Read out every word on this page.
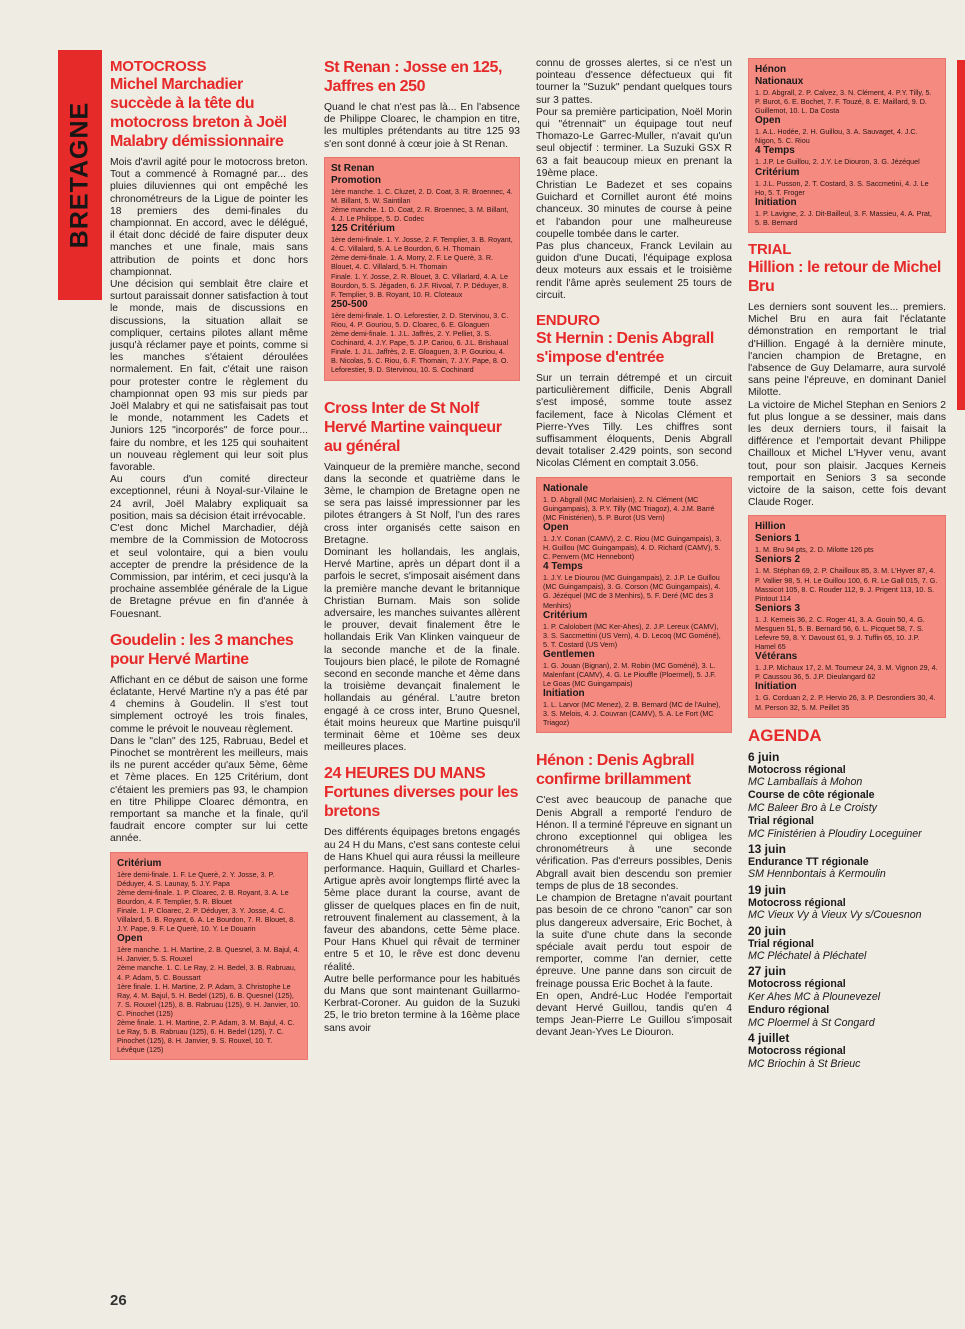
BRETAGNE
MOTOCROSS
Michel Marchadier succède à la tête du motocross breton à Joël Malabry démissionnaire

Mois d'avril agité pour le motocross breton. Tout a commencé à Romagné par... des pluies diluviennes qui ont empêché les chronométreurs de la Ligue de pointer les 18 premiers des demi-finales du championnat. En accord, avec le délégué, il était donc décidé de faire disputer deux manches et une finale, mais sans attribution de points et donc hors championnat.

Une décision qui semblait être claire et surtout paraissait donner satisfaction à tout le monde, mais de discussions en discussions, la situation allait se compliquer, certains pilotes allant même jusqu'à réclamer paye et points, comme si les manches s'étaient déroulées normalement. En fait, c'était une raison pour protester contre le règlement du championnat open 93 mis sur pieds par Joël Malabry et qui ne satisfaisait pas tout le monde, notamment les Cadets et Juniors 125 "incorporés" de force pour... faire du nombre, et les 125 qui souhaitent un nouveau règlement qui leur soit plus favorable.

Au cours d'un comité directeur exceptionnel, réuni à Noyal-sur-Vilaine le 24 avril, Joël Malabry expliquait sa position, mais sa décision était irrévocable.

C'est donc Michel Marchadier, déjà membre de la Commission de Motocross et seul volontaire, qui a bien voulu accepter de prendre la présidence de la Commission, par intérim, et ceci jusqu'à la prochaine assemblée générale de la Ligue de Bretagne prévue en fin d'année à Fouesnant.

Goudelin : les 3 manches pour Hervé Martine

Affichant en ce début de saison une forme éclatante, Hervé Martine n'y a pas été par 4 chemins à Goudelin. Il s'est tout simplement octroyé les trois finales, comme le prévoit le nouveau règlement.

Dans le "clan" des 125, Rabruau, Bedel et Pinochet se montrèrent les meilleurs, mais ils ne purent accéder qu'aux 5ème, 6ème et 7ème places. En 125 Critérium, dont c'étaient les premiers pas 93, le champion en titre Philippe Cloarec démontra, en remportant sa manche et la finale, qu'il faudrait encore compter sur lui cette année.

Critérium
1ère demi-finale. 1. F. Le Querè, 2. Y. Josse, 3. P. Déduyer, 4. S. Launay, 5. J.Y. Papa
2ème demi-finale. 1. P. Cloarec, 2. B. Royant, 3. A. Le Bourdon, 4. F. Templier, 5. R. Blouet
Finale. 1. P. Cloarec, 2. P. Déduyer, 3. Y. Josse, 4. C. Villalard, 5. B. Royant, 6. A. Le Bourdon, 7. R. Blouet, 8. J.Y. Pape, 9. F. Le Querè, 10. Y. Le Douarin
Open
1ère manche. 1. H. Martine, 2. B. Quesnel, 3. M. Bajul, 4. H. Janvier, 5. S. Rouxel
2ème manche. 1. C. Le Ray, 2. H. Bedel, 3. B. Rabruau, 4. P. Adam, 5. C. Boussart
1ère finale. 1. H. Martine, 2. P. Adam, 3. Christophe Le Ray, 4. M. Bajul, 5. H. Bedel (125), 6. B. Quesnel (125), 7. S. Rouxel (125), 8. B. Rabruau (125), 9. H. Janvier, 10. C. Pinochet (125)
2ème finale. 1. H. Martine, 2. P. Adam, 3. M. Bajul, 4. C. Le Ray, 5. B. Rabruau (125), 6. H. Bedel (125), 7. C. Pinochet (125), 8. H. Janvier, 9. S. Rouxel, 10. T. Lévêque (125)
St Renan : Josse en 125, Jaffres en 250

Quand le chat n'est pas là... En l'absence de Philippe Cloarec, le champion en titre, les multiples prétendants au titre 125 93 s'en sont donné à cœur joie à St Renan.

St Renan
Promotion
1ère manche. 1. C. Cluzet, 2. D. Coat, 3. R. Broennec, 4. M. Billant, 5. W. Saintilan
2ème manche. 1. D. Coat, 2. R. Broennec, 3. M. Billant, 4. J. Le Philippe, 5. D. Codec
125 Critérium
1ère demi-finale. 1. Y. Josse, 2. F. Templier, 3. B. Royant, 4. C. Villalard, 5. A. Le Bourdon, 6. H. Thomain
2ème demi-finale. 1. A. Morry, 2. F. Le Querè, 3. R. Blouet, 4. C. Villalard, 5. H. Thomain
Finale. 1. Y. Josse, 2. R. Blouet, 3. C. Villarlard, 4. A. Le Bourdon, 5. S. Jégaden, 6. J.F. Rivoal, 7. P. Déduyer, 8. F. Templier, 9. B. Royant, 10. R. Cloteaux
250-500
1ère demi-finale. 1. O. Leforestier, 2. D. Stervinou, 3. C. Riou, 4. P. Gouriou, 5. D. Cloarec, 6. E. Gloaguen
2ème demi-finale. 1. J.L. Jaffrès, 2. Y. Pelliet, 3. S. Cochinard, 4. J.Y. Pape, 5. J.P. Cariou, 6. J.L. Brishaual
Finale. 1. J.L. Jaffrès, 2. E. Gloaguen, 3. P. Gouriou, 4. B. Nicolas, 5. C. Riou, 6. F. Thomain, 7. J.Y. Pape, 8. O. Leforestier, 9. D. Stervinou, 10. S. Cochinard
Cross Inter de St Nolf Hervé Martine vainqueur au général

Vainqueur de la première manche, second dans la seconde et quatrième dans le 3ème, le champion de Bretagne open ne se sera pas laissé impressionner par les pilotes étrangers à St Nolf, l'un des rares cross inter organisés cette saison en Bretagne.

Dominant les hollandais, les anglais, Hervé Martine, après un départ dont il a parfois le secret, s'imposait aisément dans la première manche devant le britannique Christian Burnam. Mais son solide adversaire, les manches suivantes allèrent le prouver, devait finalement être le hollandais Erik Van Klinken vainqueur de la seconde manche et de la finale. Toujours bien placé, le pilote de Romagné second en seconde manche et 4ème dans la troisième devançait finalement le hollandais au général. L'autre breton engagé à ce cross inter, Bruno Quesnel, était moins heureux que Martine puisqu'il terminait 6ème et 10ème ses deux meilleures places.

24 HEURES DU MANS Fortunes diverses pour les bretons

Des différents équipages bretons engagés au 24 H du Mans, c'est sans conteste celui de Hans Khuel qui aura réussi la meilleure performance. Haquin, Guillard et Charles-Artigue après avoir longtemps flirté avec la 5ème place durant la course, avant de glisser de quelques places en fin de nuit, retrouvent finalement au classement, à la faveur des abandons, cette 5ème place. Pour Hans Khuel qui rêvait de terminer entre 5 et 10, le rêve est donc devenu réalité.

Autre belle performance pour les habitués du Mans que sont maintenant Guillarmo-Kerbrat-Coroner. Au guidon de la Suzuki 25, le trio breton termine à la 16ème place sans avoir

connu de grosses alertes, si ce n'est un pointeau d'essence défectueux qui fit tourner la "Suzuk" pendant quelques tours sur 3 pattes.

Pour sa première participation, Noël Morin qui "étrennait" un équipage tout neuf Thomazo-Le Garrec-Muller, n'avait qu'un seul objectif : terminer. La Suzuki GSX R 63 a fait beaucoup mieux en prenant la 19ème place.

Christian Le Badezet et ses copains Guichard et Cornillet auront été moins chanceux. 30 minutes de course à peine et l'abandon pour une malheureuse coupelle tombée dans le carter.

Pas plus chanceux, Franck Levilain au guidon d'une Ducati, l'équipage explosa deux moteurs aux essais et le troisième rendit l'âme après seulement 25 tours de circuit.

ENDURO
St Hernin : Denis Abgrall s'impose d'entrée

Sur un terrain détrempé et un circuit particulièrement difficile, Denis Abgrall s'est imposé, somme toute assez facilement, face à Nicolas Clément et Pierre-Yves Tilly. Les chiffres sont suffisamment éloquents, Denis Abgrall devait totaliser 2.429 points, son second Nicolas Clément en comptait 3.056.

Nationale
1. D. Abgrall (MC Morlaisien), 2. N. Clément (MC Guingampais), 3. P.Y. Tilly (MC Triagoz), 4. J.M. Barré (MC Finistérien), 5. P. Burot (US Vern)
Open
1. J.Y. Conan (CAMV), 2. C. Riou (MC Guingampais), 3. H. Guillou (MC Guingampais), 4. D. Richard (CAMV), 5. C. Penvern (MC Hennebont)
4 Temps
1. J.Y. Le Diourou (MC Guingampais), 2. J.P. Le Guillou (MC Guingampais), 3. G. Corson (MC Guingampais), 4. G. Jézéquel (MC de 3 Menhirs), 5. F. Deré (MC des 3 Menhirs)
Critérium
1. P. Calolobert (MC Ker-Ahes), 2. J.P. Lereux (CAMV), 3. S. Saccmettini (US Vern), 4. D. Lecoq (MC Goméné), 5. T. Costard (US Vern)
Gentlemen
1. G. Jouan (Bignan), 2. M. Robin (MC Goméné), 3. L. Malenfant (CAMV), 4. G. Le Piouffle (Ploermel), 5. J.F. Le Goas (MC Guingampais)
Initiation
1. L. Larvor (MC Menez), 2. B. Bernard (MC de l'Aulne), 3. S. Melois, 4. J. Couvran (CAMV), 5. A. Le Fort (MC Triagoz)
Hénon : Denis Agbrall confirme brillamment

C'est avec beaucoup de panache que Denis Abgrall a remporté l'enduro de Hénon. Il a terminé l'épreuve en signant un chrono exceptionnel qui obligea les chronométreurs à une seconde vérification. Pas d'erreurs possibles, Denis Abgrall avait bien descendu son premier temps de plus de 18 secondes.

Le champion de Bretagne n'avait pourtant pas besoin de ce chrono "canon" car son plus dangereux adversaire, Eric Bochet, à la suite d'une chute dans la seconde spéciale avait perdu tout espoir de remporter, comme l'an dernier, cette épreuve. Une panne dans son circuit de freinage poussa Eric Bochet à la faute.

En open, André-Luc Hodée l'emportait devant Hervé Guillou, tandis qu'en 4 temps Jean-Pierre Le Guillou s'imposait devant Jean-Yves Le Diouron.

Hénon
Nationaux
1. D. Abgrall, 2. P. Calvez, 3. N. Clément, 4. P.Y. Tilly, 5. P. Burot, 6. E. Bochet, 7. F. Touzé, 8. E. Maillard, 9. D. Guillemot, 10. L. Da Costa
Open
1. A.L. Hodée, 2. H. Guillou, 3. A. Sauvaget, 4. J.C. Nigon, 5. C. Riou
4 Temps
1. J.P. Le Guillou, 2. J.Y. Le Diouron, 3. G. Jézéquel
Critérium
1. J.L. Pusson, 2. T. Costard, 3. S. Saccmetini, 4. J. Le Ho, 5. T. Froger
Initiation
1. P. Lavigne, 2. J. Dit-Bailleul, 3. F. Massieu, 4. A. Prat, 5. B. Bernard
TRIAL
Hillion : le retour de Michel Bru

Les derniers sont souvent les... premiers. Michel Bru en aura fait l'éclatante démonstration en remportant le trial d'Hillion. Engagé à la dernière minute, l'ancien champion de Bretagne, en l'absence de Guy Delamarre, aura survolé sans peine l'épreuve, en dominant Daniel Milotte.

La victoire de Michel Stephan en Seniors 2 fut plus longue a se dessiner, mais dans les deux derniers tours, il faisait la différence et l'emportait devant Philippe Chailloux et Michel L'Hyver venu, avant tout, pour son plaisir. Jacques Kerneis remportait en Seniors 3 sa seconde victoire de la saison, cette fois devant Claude Roger.

Hillion
Seniors 1
1. M. Bru 94 pts, 2. D. Milotte 126 pts
Seniors 2
1. M. Stéphan 69, 2. P. Chailloux 85, 3. M. L'Hyver 87, 4. P. Vallier 98, 5. H. Le Guillou 100, 6. R. Le Gall 015, 7. G. Massicot 105, 8. C. Rouder 112, 9. J. Prigent 113, 10. S. Pintout 114
Seniors 3
1. J. Kerneis 36, 2. C. Roger 41, 3. A. Gouin 50, 4. G. Mesguen 51, 5. B. Bernard 56, 6. L. Picquet 58, 7. S. Lefevre 59, 8. Y. Davoust 61, 9. J. Tuffin 65, 10. J.P. Hamel 65
Vétérans
1. J.P. Michaux 17, 2. M. Tourneur 24, 3. M. Vignon 29, 4. P. Caussou 36, 5. J.P. Dieulangard 62
Initiation
1. G. Corduan 2, 2. P. Hervio 26, 3. P. Desrondiers 30, 4. M. Person 32, 5. M. Peillet 35
AGENDA
6 juin
Motocross régional
MC Lamballais à Mohon
Course de côte régionale
MC Baleer Bro à Le Croisty
Trial régional
MC Finistérien à Ploudiry Loceguiner
13 juin
Endurance TT régionale
SM Hennbontais à Kermoulin
19 juin
Motocross régional
MC Vieux Vy à Vieux Vy s/Couesnon
20 juin
Trial régional
MC Pléchatel à Pléchatel
27 juin
Motocross régional
Ker Ahes MC à Plounevezel
Enduro régional
MC Ploermel à St Congard
4 juillet
Motocross régional
MC Briochin à St Brieuc
26
